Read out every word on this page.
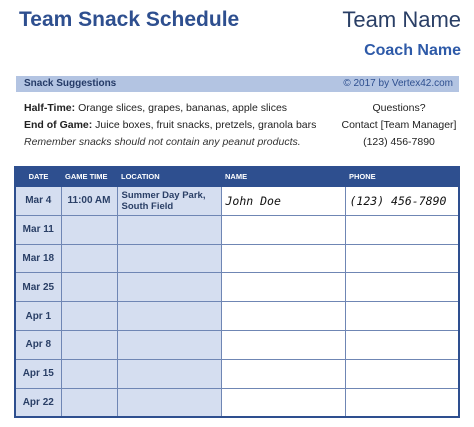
Team Snack Schedule	Team Name
Coach Name
Snack Suggestions	© 2017 by Vertex42.com
Half-Time: Orange slices, grapes, bananas, apple slices
End of Game: Juice boxes, fruit snacks, pretzels, granola bars
Remember snacks should not contain any peanut products.
Questions?
Contact [Team Manager]
(123) 456-7890
DATE	GAME TIME	LOCATION	NAME	PHONE
Mar 4	11:00 AM	Summer Day Park, South Field	John Doe	(123) 456-7890
Mar 11				
Mar 18				
Mar 25				
Apr 1				
Apr 8				
Apr 15				
Apr 22				
